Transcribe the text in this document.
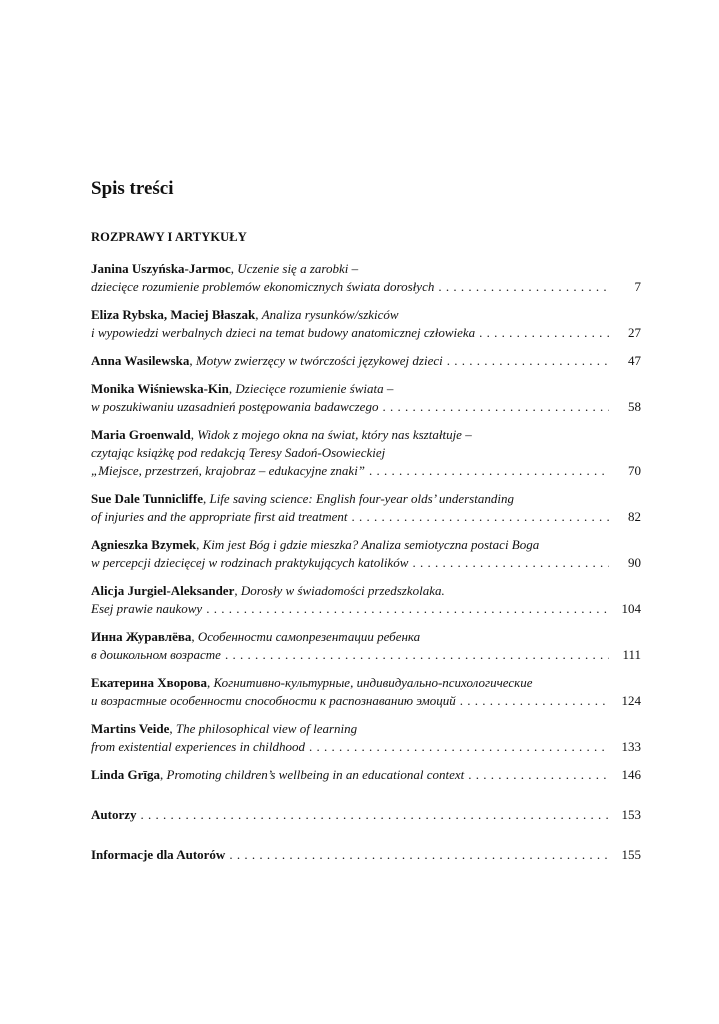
Spis treści
ROZPRAWY I ARTYKUŁY
Janina Uszyńska-Jarmoc, Uczenie się a zarobki –
dziecięce rozumienie problemów ekonomicznych świata dorosłych . . .	7
Eliza Rybska, Maciej Błaszak, Analiza rysunków/szkiców
i wypowiedzi werbalnych dzieci na temat budowy anatomicznej człowieka . . .	27
Anna Wasilewska, Motyw zwierzęcy w twórczości językowej dzieci . . .	47
Monika Wiśniewska-Kin, Dziecięce rozumienie świata –
w poszukiwaniu uzasadnień postępowania badawczego . . .	58
Maria Groenwald, Widok z mojego okna na świat, który nas kształtuje –
czytając książkę pod redakcją Teresy Sadoń-Osowieckiej
„Miejsce, przestrzeń, krajobraz – edukacyjne znaki” . . .	70
Sue Dale Tunnicliffe, Life saving science: English four-year olds’ understanding
of injuries and the appropriate first aid treatment . . .	82
Agnieszka Bzymek, Kim jest Bóg i gdzie mieszka? Analiza semiotyczna postaci Boga
w percepcji dziecięcej w rodzinach praktykujących katolików . . .	90
Alicja Jurgiel-Aleksander, Dorosły w świadomości przedszkolaka.
Esej prawie naukowy . . .	104
Инна Журавлёва, Особенности самопрезентации ребенка
в дошкольном возрасте . . .	111
Екатерина Хворова, Когнитивно-культурные, индивидуально-психологические
и возрастные особенности способности к распознаванию эмоций . . .	124
Martins Veide, The philosophical view of learning
from existential experiences in childhood . . .	133
Linda Grīga, Promoting children’s wellbeing in an educational context . . .	146
Autorzy . . .	153
Informacje dla Autorów . . .	155
